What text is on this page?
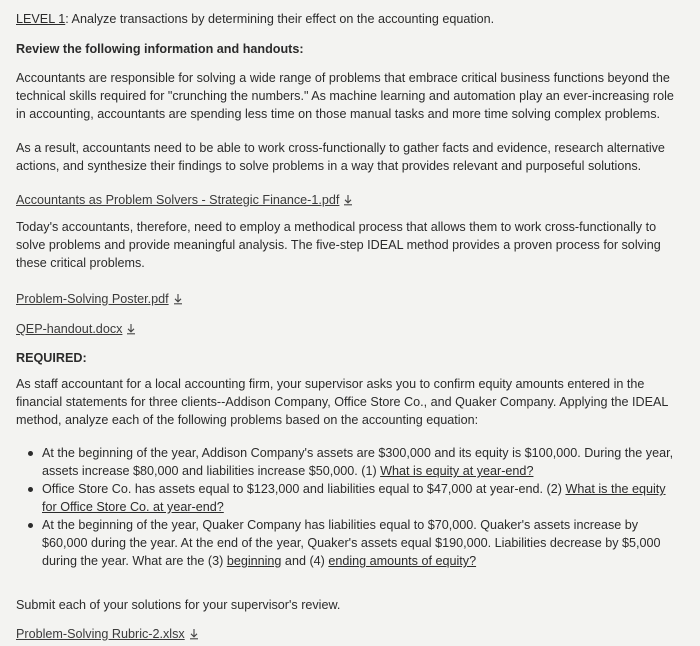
LEVEL 1: Analyze transactions by determining their effect on the accounting equation.

Review the following information and handouts:

Accountants are responsible for solving a wide range of problems that embrace critical business functions beyond the

technical skills required for "crunching the numbers." As machine learning and automation play an ever-increasing role

in accounting, accountants are spending less time on those manual tasks and more time solving complex problems.

As a result, accountants need to be able to work cross-functionally to gather facts and evidence, research alternative

actions, and synthesize their findings to solve problems in a way that provides relevant and purposeful solutions.

Accountants as Problem Solvers - Strategic Finance-1.pdf

Today's accountants, therefore, need to employ a methodical process that allows them to work cross-functionally to

solve problems and provide meaningful analysis. The five-step IDEAL method provides a proven process for solving

these critical problems.

Problem-Solving Poster.pdf

QEP-handout.docx

REQUIRED:

As staff accountant for a local accounting firm, your supervisor asks you to confirm equity amounts entered in the

financial statements for three clients--Addison Company, Office Store Co., and Quaker Company. Applying the IDEAL

method, analyze each of the following problems based on the accounting equation:

At the beginning of the year, Addison Company's assets are $300,000 and its equity is $100,000. During the year,

assets increase $80,000 and liabilities increase $50,000. (1) What is equity at year-end?

Office Store Co. has assets equal to $123,000 and liabilities equal to $47,000 at year-end. (2) What is the equity

for Office Store Co. at year-end?

At the beginning of the year, Quaker Company has liabilities equal to $70,000. Quaker's assets increase by

$60,000 during the year. At the end of the year, Quaker's assets equal $190,000. Liabilities decrease by $5,000

during the year. What are the (3) beginning and (4) ending amounts of equity?

Submit each of your solutions for your supervisor's review.

Problem-Solving Rubric-2.xlsx
